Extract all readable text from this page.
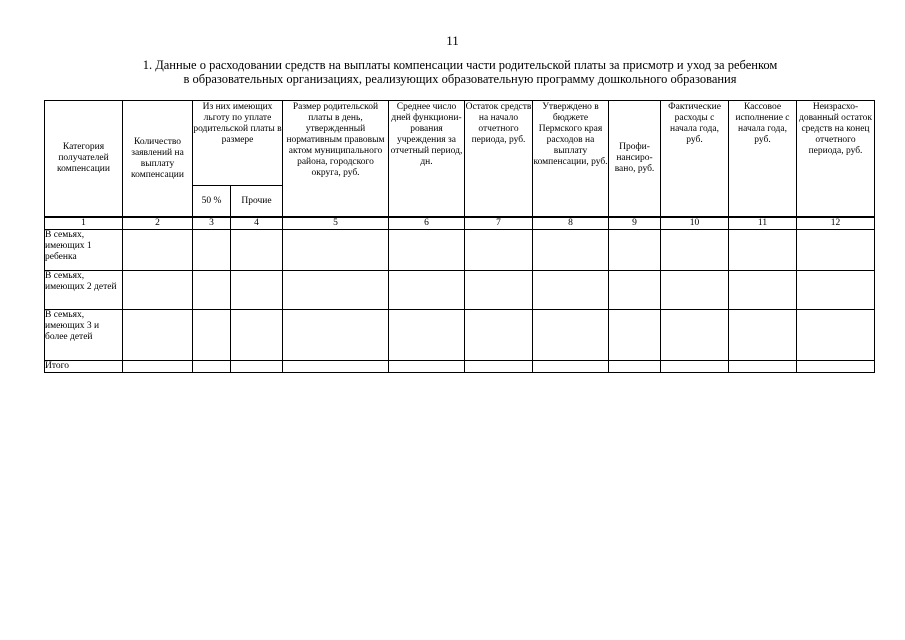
11
1. Данные о расходовании средств на выплаты компенсации части родительской платы за присмотр и уход за ребенком
в образовательных организациях, реализующих образовательную программу дошкольного образования
Категория получателей компенсации	Количество заявлений на выплату компенсации	Из них имеющих льготу по уплате родительской платы в размере		Размер родительской платы в день, утвержденный нормативным правовым актом муниципального района, городского округа, руб.	Среднее число дней функциони-рования учреждения за отчетный период, дн.	Остаток средств на начало отчетного периода, руб.	Утверждено в бюджете Пермского края расходов на выплату компенсации, руб.	Профи-нансиро-вано, руб.	Фактические расходы с начала года, руб.	Кассовое исполнение с начала года, руб.	Неизрасхо-дованный остаток средств на конец отчетного периода, руб.
		50 %	Прочие								
1	2	3	4	5	6	7	8	9	10	11	12
В семьях, имеющих 1 ребенка											
В семьях, имеющих 2 детей											
В семьях, имеющих 3 и более детей											
Итого											
